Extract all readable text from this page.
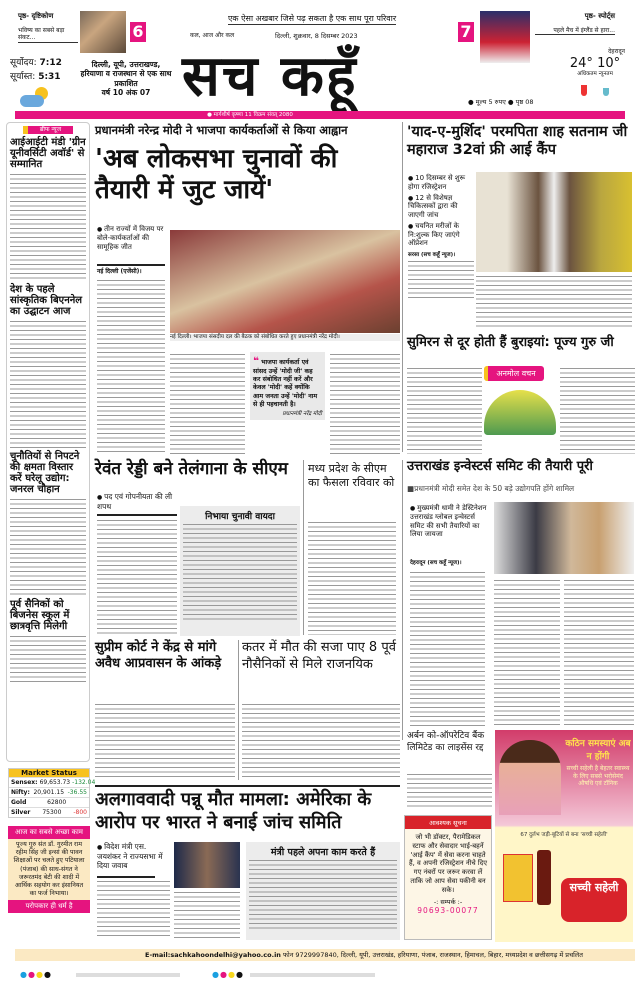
पृष्ठ- दृष्टिकोण
भविष्य का सबसे बड़ा संकट...	6
सूर्योदय: 7:12
सूर्यास्त: 5:31
दिल्ली, यूपी, उत्तराखण्ड, हरियाणा व राजस्थान से एक साथ प्रकाशित
वर्ष 10 अंक 07
एक ऐसा अखबार जिसे पढ़ सकता है एक साथ पूरा परिवार
कल, आज और कल	दिल्ली, शुक्रवार, 8 दिसम्बर 2023
सच कहूँ
7
पृष्ठ- स्पोर्ट्स
पहले मैच में इंग्लैंड से हारा...
देहरादून
24° 10°
अधिकतम न्यूनतम

● मूल्य 5 रुपए ● पृष्ठ 08
● मार्गशीर्ष कृष्णा 11 विक्रम संवत् 2080
ब्रीफ न्यूज
आईआईटी मंडी 'ग्रीन यूनीवर्सिटी अवॉर्ड' से सम्मानित
देश के पहले सांस्कृतिक बिएननेल का उद्घाटन आज
चुनौतियों से निपटने की क्षमता विस्तार करें घरेलू उद्योग: जनरल चौहान
पूर्व सैनिकों को बिजनेस स्कूल में छात्रवृत्ति मिलेगी
Market Status
Sensex: 69,653.73 -132.04
Nifty: 20,901.15 -36.55
Gold	62800
Silver 75300 -800
आज का सबसे अच्छा काम
पूज्य गुरु संत डॉ. गुरमीत राम रहीम सिंह जी इन्सां की पावन शिक्षाओं पर चलते हुए पटियाला (पंजाब) की साध-संगत ने जरूरतमंद बेटी की शादी में आर्थिक सहयोग कर इंसानियत का फर्ज निभाया।
परोपकार ही धर्म है
प्रधानमंत्री नरेन्द्र मोदी ने भाजपा कार्यकर्ताओं से किया आह्वान
'अब लोकसभा चुनावों की तैयारी में जुट जायें'
● तीन राज्यों में विजय पर बोले-कार्यकर्ताओं की सामूहिक जीत
नई दिल्ली (एजेंसी)।
नई दिल्ली। भाजपा संसदीय दल की बैठक को संबोधित करते हुए प्रधानमंत्री नरेंद्र मोदी।
❝ भाजपा कार्यकर्ता एवं सांसद उन्हें 'मोदी जी' कह कर संबोधित नहीं करें और केवल 'मोदी' कहें क्योंकि आम जनता उन्हें 'मोदी' नाम से ही पहचानती है।
प्रधानमंत्री नरेंद्र मोदी
'याद-ए-मुर्शिद' परमपिता शाह सतनाम जी महाराज 32वां फ्री आई कैंप
● 10 दिसम्बर से शुरू होगा रजिस्ट्रेशन
● 12 से विशेषज्ञ चिकित्सकों द्वारा की जाएगी जांच
● चयनित मरीजों के नि:शुल्क किए जाएंगे ऑप्रेशन
सरसा (सच कहूँ न्यूज)।
सुमिरन से दूर होती हैं बुराइयां: पूज्य गुरु जी
अनमोल वचन
रेवंत रेड्डी बने तेलंगाना के सीएम
● पद एवं गोपनीयता की ली शपथ
निभाया चुनावी वायदा
मध्य प्रदेश के सीएम का फैसला रविवार को
उत्तराखंड इन्वेस्टर्स समिट की तैयारी पूरी
■प्रधानमंत्री मोदी समेत देश के 50 बड़े उद्योगपति होंगे शामिल
● मुख्यमंत्री धामी ने डेस्टिनेशन उत्तराखंड ग्लोबल इन्वेस्टर्स समिट की सभी तैयारियों का लिया जायजा
देहरादून (सच कहूँ न्यूज)।
सुप्रीम कोर्ट ने केंद्र से मांगे अवैध आप्रवासन के आंकड़े
कतर में मौत की सजा पाए 8 पूर्व नौसैनिकों से मिले राजनयिक
अर्बन को-ऑपरेटिव बैंक लिमिटेड का लाइसेंस रद्द
अलगाववादी पन्नू मौत मामला: अमेरिका के आरोप पर भारत ने बनाई जांच समिति
● विदेश मंत्री एस. जयशंकर ने राज्यसभा में दिया जवाब
मंत्री पहले अपना काम करते हैं
आवश्यक सूचना
जो भी डॉक्टर, पैरामेडिकल स्टाफ और सेवादार भाई-बहनें 'आई कैंप' में सेवा करना चाहते हैं, व अपनी रजिस्ट्रेशन नीचे दिए गए नंबरों पर जरूर करवा लें ताकि जो आप सेवा यकीनी बन सके।
-: सम्पर्क :-
90693-00077
कठिन समस्याएं अब न होंगी
सच्ची सहेली है बेहतर स्वास्थ्य के लिए सबसे भरोसेमंद औषधि एवं टॉनिक
67 दुर्लभ जड़ी-बूटियों से बना 'सच्ची सहेली'
सच्ची सहेली
E-mail:sachkahoondelhi@yahoo.co.in फोन 9729997840, दिल्ली, यूपी, उत्तराखंड, हरियाणा, पंजाब, राजस्थान, हिमाचल, बिहार, मध्यप्रदेश व छत्तीसगढ़ में प्रचलित
●●●●	●●●●
